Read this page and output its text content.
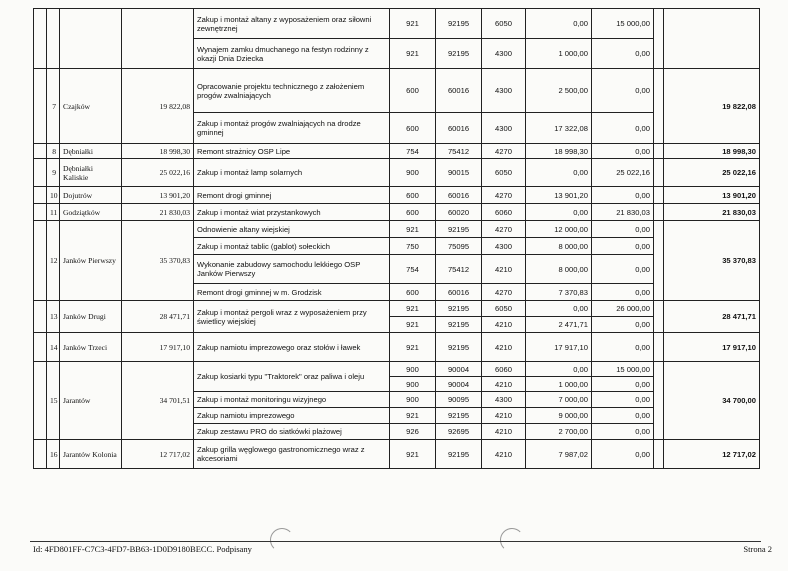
				Zakup i montaż altany z wyposażeniem oraz siłowni zewnętrznej	921	92195	6050	0,00	15 000,00		
				Wynajem zamku dmuchanego na festyn rodzinny z okazji Dnia Dziecka	921	92195	4300	1 000,00	0,00		
	7	Czajków	19 822,08	Opracowanie projektu technicznego z założeniem progów zwalniających	600	60016	4300	2 500,00	0,00		19 822,08
				Zakup i montaż progów zwalniających na drodze gminnej	600	60016	4300	17 322,08	0,00		
	8	Dębniałki	18 998,30	Remont strażnicy OSP Lipe	754	75412	4270	18 998,30	0,00		18 998,30
	9	Dębniałki Kaliskie	25 022,16	Zakup i montaż lamp solarnych	900	90015	6050	0,00	25 022,16		25 022,16
	10	Dojutrów	13 901,20	Remont drogi gminnej	600	60016	4270	13 901,20	0,00		13 901,20
	11	Godziątków	21 830,03	Zakup i montaż wiat przystankowych	600	60020	6060	0,00	21 830,03		21 830,03
	12	Janków Pierwszy	35 370,83	Odnowienie altany wiejskiej	921	92195	4270	12 000,00	0,00		35 370,83
				Zakup i montaż tablic (gablot) sołeckich	750	75095	4300	8 000,00	0,00		
				Wykonanie zabudowy samochodu lekkiego OSP Janków Pierwszy	754	75412	4210	8 000,00	0,00		
				Remont drogi gminnej w m. Grodzisk	600	60016	4270	7 370,83	0,00		
	13	Janków Drugi	28 471,71	Zakup i montaż pergoli wraz z wyposażeniem przy świetlicy wiejskiej	921	92195	6050	0,00	26 000,00		28 471,71
					921	92195	4210	2 471,71	0,00		
	14	Janków Trzeci	17 917,10	Zakup namiotu imprezowego oraz stołów i ławek	921	92195	4210	17 917,10	0,00		17 917,10
	15	Jarantów	34 701,51	Zakup kosiarki typu "Traktorek" oraz paliwa i oleju	900	90004	6060	0,00	15 000,00		34 700,00
					900	90004	4210	1 000,00	0,00		
				Zakup i montaż monitoringu wizyjnego	900	90095	4300	7 000,00	0,00		
				Zakup namiotu imprezowego	921	92195	4210	9 000,00	0,00		
				Zakup zestawu PRO do siatkówki plażowej	926	92695	4210	2 700,00	0,00		
	16	Jarantów Kolonia	12 717,02	Zakup grilla węglowego gastronomicznego wraz z akcesoriami	921	92195	4210	7 987,02	0,00		12 717,02
Id: 4FD801FF-C7C3-4FD7-BB63-1D0D9180BECC. Podpisany	Strona 2
